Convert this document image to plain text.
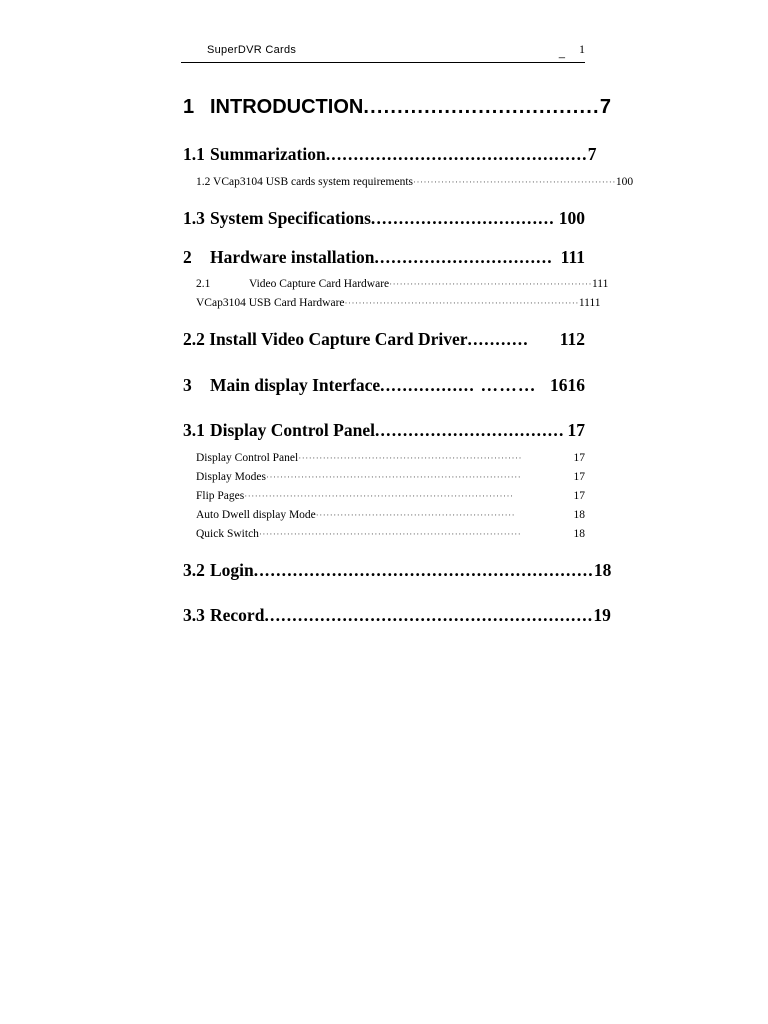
SuperDVR Cards	_ 1
1 INTRODUCTION ................................... 7
1.1 Summarization ............................................... 7
1.2 VCap3104 USB cards system requirements ·························································· 100
1.3 System Specifications ................................. 100
2 Hardware installation ................................ 111
2.1	Video Capture Card Hardware ·························································· 111
VCap3104 USB Card Hardware ··································································· 1111
2.2 Install Video Capture Card Driver ...........	112
3 Main display Interface ................. ……… 1616
3.1 Display Control Panel .................................. 17
Display Control Panel ································································	17
Display Modes ·········································································	17
Flip Pages ·············································································	17
Auto Dwell display Mode ·························································	18
Quick Switch ···········································································	18
3.2 Login ............................................................. 18
3.3 Record ........................................................... 19
